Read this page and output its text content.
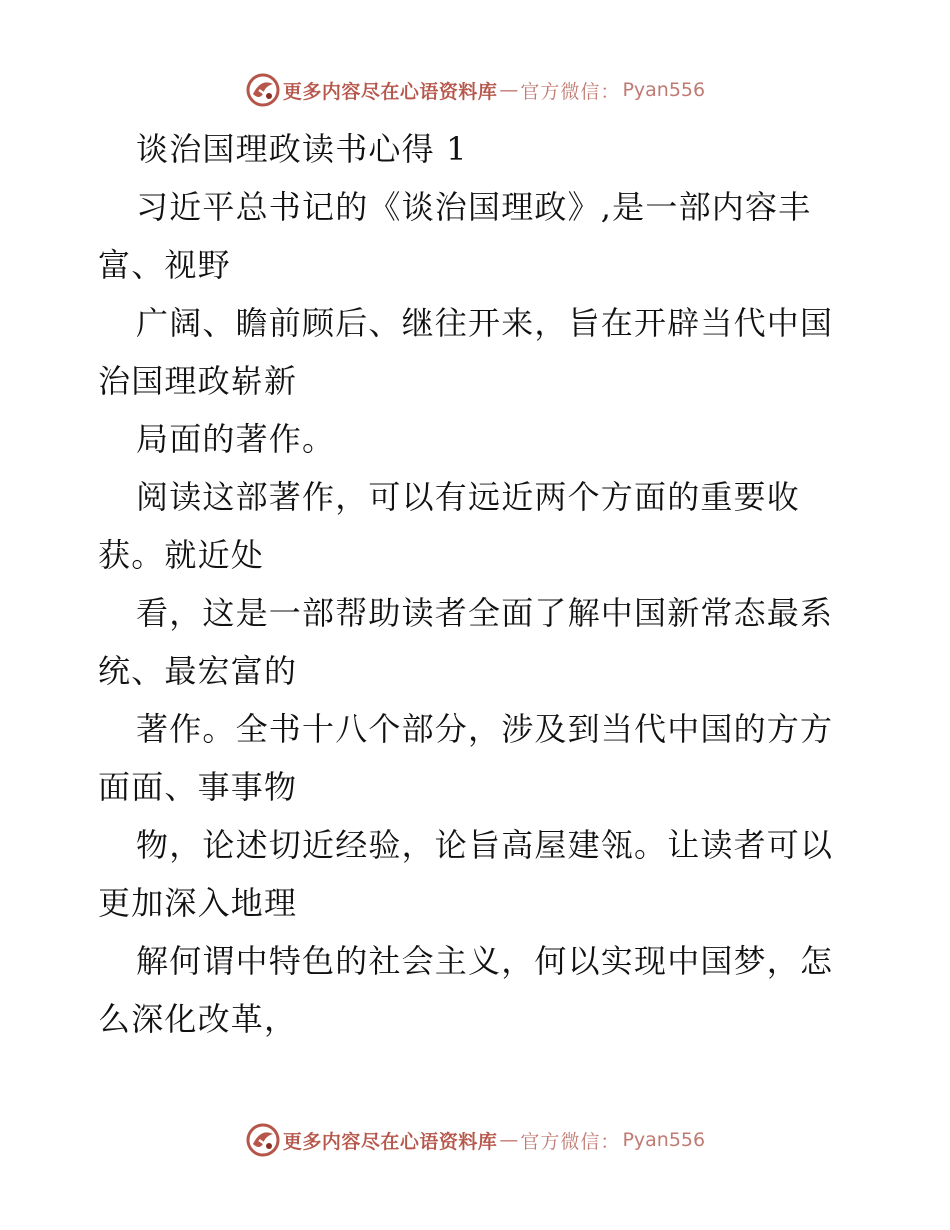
更多内容尽在心语资料库 — 官方微信： Pyan556
谈治国理政读书心得 1
习近平总书记的《谈治国理政》,是一部内容丰
富、视野
广阔、瞻前顾后、继往开来，旨在开辟当代中国
治国理政崭新
局面的著作。
阅读这部著作，可以有远近两个方面的重要收
获。就近处
看，这是一部帮助读者全面了解中国新常态最系
统、最宏富的
著作。全书十八个部分，涉及到当代中国的方方
面面、事事物
物，论述切近经验，论旨高屋建瓴。让读者可以
更加深入地理
解何谓中特色的社会主义，何以实现中国梦，怎
么深化改革，
更多内容尽在心语资料库 — 官方微信： Pyan556
